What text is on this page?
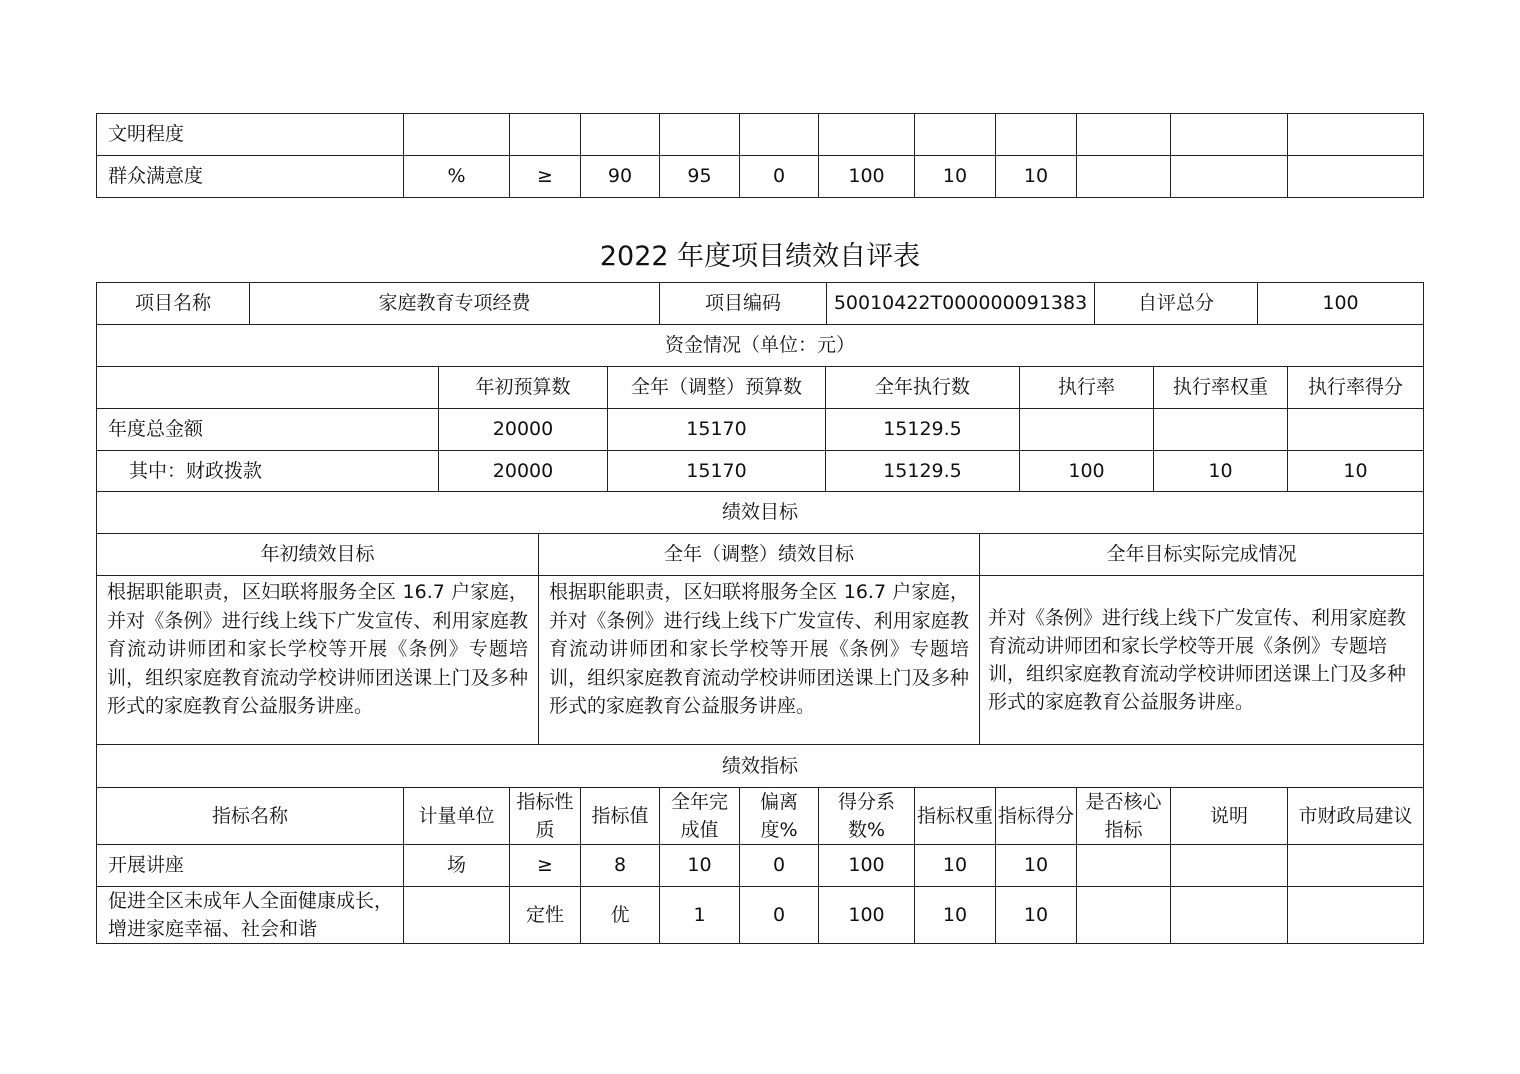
文明程度											
群众满意度	%	≥	90	95	0	100	10	10			
2022 年度项目绩效自评表
项目名称	家庭教育专项经费	项目编码	50010422T000000091383	自评总分	100
资金情况（单位：元）
	年初预算数	全年（调整）预算数	全年执行数	执行率	执行率权重	执行率得分
年度总金额	20000	15170	15129.5			
其中：财政拨款	20000	15170	15129.5	100	10	10
绩效目标
年初绩效目标	全年（调整）绩效目标	全年目标实际完成情况
根据职能职责，区妇联将服务全区 16.7 户家庭，并对《条例》进行线上线下广发宣传、利用家庭教育流动讲师团和家长学校等开展《条例》专题培训，组织家庭教育流动学校讲师团送课上门及多种形式的家庭教育公益服务讲座。	根据职能职责，区妇联将服务全区 16.7 户家庭，并对《条例》进行线上线下广发宣传、利用家庭教育流动讲师团和家长学校等开展《条例》专题培训，组织家庭教育流动学校讲师团送课上门及多种形式的家庭教育公益服务讲座。	并对《条例》进行线上线下广发宣传、利用家庭教育流动讲师团和家长学校等开展《条例》专题培训，组织家庭教育流动学校讲师团送课上门及多种形式的家庭教育公益服务讲座。
绩效指标
指标名称	计量单位	指标性质	指标值	全年完成值	偏离度%	得分系数%	指标权重	指标得分	是否核心指标	说明	市财政局建议
开展讲座	场	≥	8	10	0	100	10	10			
促进全区未成年人全面健康成长，增进家庭幸福、社会和谐		定性	优	1	0	100	10	10			
